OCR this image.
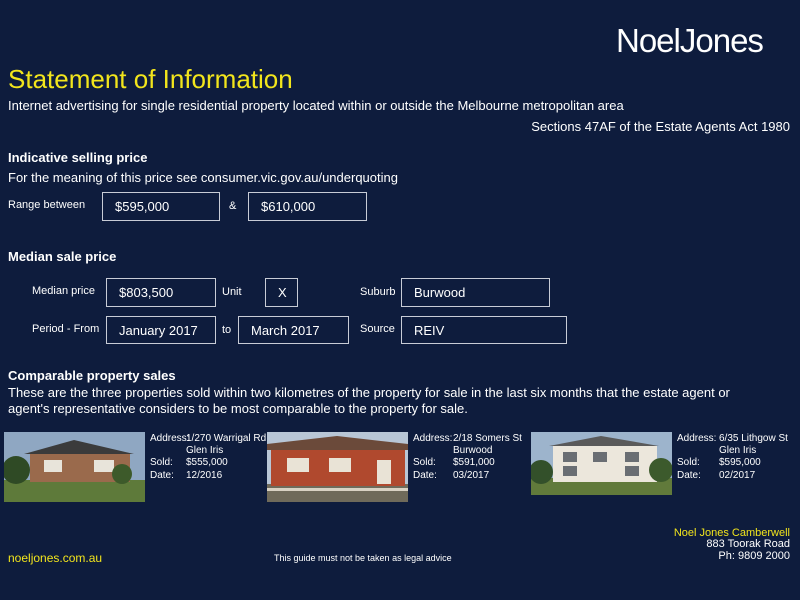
NoelJones
Statement of Information
Internet advertising for single residential property located within or outside the Melbourne metropolitan area
Sections 47AF of the Estate Agents Act 1980
Indicative selling price
For the meaning of this price see consumer.vic.gov.au/underquoting
Range between	$595,000	&	$610,000
Median sale price
Median price	$803,500	Unit	X	Suburb	Burwood
Period - From	January 2017	to	March 2017	Source	REIV
Comparable property sales
These are the three properties sold within two kilometres of the property for sale in the last six months that the estate agent or
agent's representative considers to be most comparable to the property for sale.
Address:
1/270 Warrigal Rd
Glen Iris
Sold:	$555,000
Date:	12/2016
Address: 2/18 Somers St
Burwood
Sold:	$591,000
Date:	03/2017
Address: 6/35 Lithgow St
Glen Iris
Sold:	$595,000
Date:	02/2017
noeljones.com.au	This guide must not be taken as legal advice
Noel Jones Camberwell
883 Toorak Road
Ph: 9809 2000
